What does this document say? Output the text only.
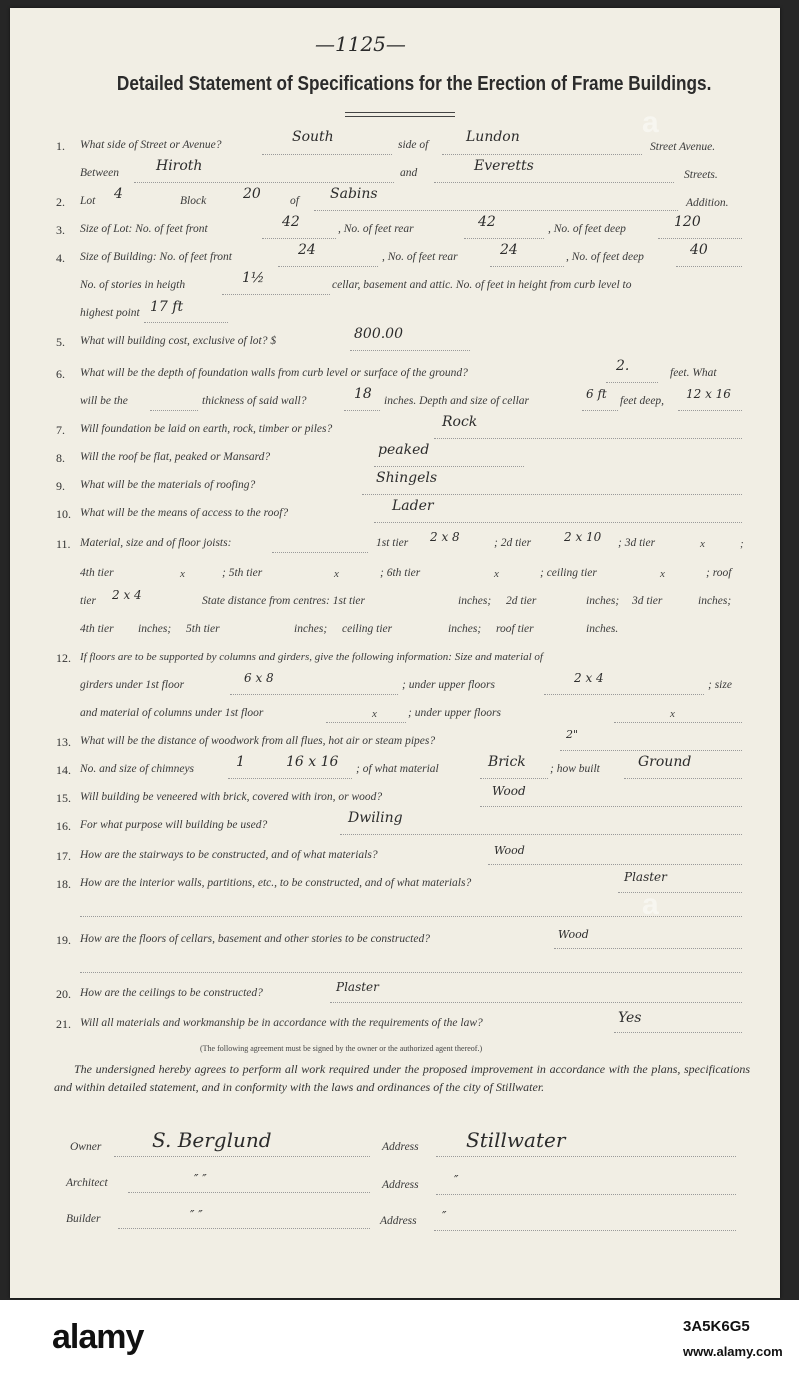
—1125—
Detailed Statement of Specifications for the Erection of Frame Buildings.
1. What side of Street or Avenue?	South	side of	Lundon
Street Avenue.
Between	Hiroth	and	Everetts
Streets.
2. Lot 4	Block	20	of Sabins
Addition.
3. Size of Lot: No. of feet front	42	, No. of feet rear	42	, No. of feet deep	120
4. Size of Building: No. of feet front	24	, No. of feet rear	24	, No. of feet deep	40
No. of stories in heigth	1½	cellar, basement and attic. No. of feet in height from curb level to
highest point 17 ft
5. What will building cost, exclusive of lot? $	800.00
6. What will be the depth of foundation walls from curb level or surface of the ground?	2.	feet. What
will be the	thickness of said wall?	18 inches. Depth and size of cellar	6 ft feet deep, 12 x 16
7. Will foundation be laid on earth, rock, timber or piles?	Rock
8. Will the roof be flat, peaked or Mansard?	peaked
9. What will be the materials of roofing?	Shingels
10. What will be the means of access to the roof?	Lader
11. Material, size and of floor joists:	1st tier 2 x 8	; 2d tier	2 x 10 ; 3d tier	x	;
4th tier	x	; 5th tier	x	; 6th tier	x	; ceiling tier	x	; roof
tier 2 x 4	State distance from centres: 1st tier	inches; 2d tier	inches; 3d tier	inches;
4th tier inches; 5th tier	inches; ceiling tier	inches; roof tier	inches.
12. If floors are to be supported by columns and girders, give the following information: Size and material of
girders under 1st floor	6 x 8	; under upper floors	2 x 4	; size
and material of columns under 1st floor	x	; under upper floors	x
13. What will be the distance of woodwork from all flues, hot air or steam pipes?	2"
14. No. and size of chimneys	1	16 x 16 ; of what material	Brick ; how built	Ground
15. Will building be veneered with brick, covered with iron, or wood?	Wood
16. For what purpose will building be used?	Dwiling
17. How are the stairways to be constructed, and of what materials?	Wood
18. How are the interior walls, partitions, etc., to be constructed, and of what materials?	Plaster
19. How are the floors of cellars, basement and other stories to be constructed?	Wood
20. How are the ceilings to be constructed?	Plaster
21. Will all materials and workmanship be in accordance with the requirements of the law?	Yes
(The following agreement must be signed by the owner or the authorized agent thereof.)
The undersigned hereby agrees to perform all work required under the proposed improvement in accordance with the plans, specifications and within detailed statement, and in conformity with the laws and ordinances of the city of Stillwater.
Owner	S. Berglund	Address Stillwater
Architect	″ ″	Address	″
Builder	″ ″	Address ″
a
a
alamy	3A5K6G5
www.alamy.com
